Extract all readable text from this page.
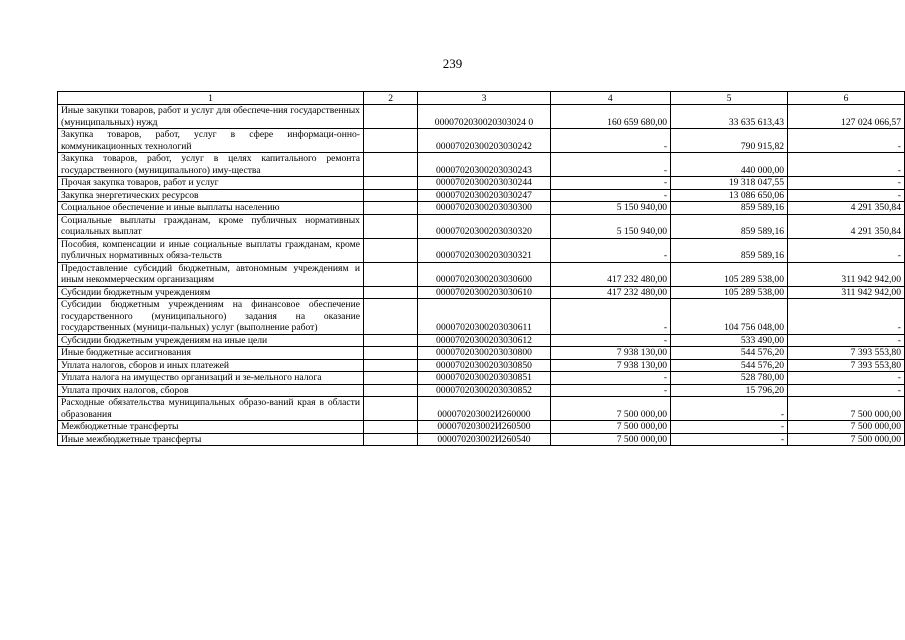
239
1	2	3	4	5	6
Иные закупки товаров, работ и услуг для обеспече-ния государственных (муниципальных) нужд		0000702030020303024 0	160 659 680,00	33 635 613,43	127 024 066,57
Закупка товаров, работ, услуг в сфере информаци-онно-коммуникационных технологий		00007020300203030242	-	790 915,82	-
Закупка товаров, работ, услуг в целях капитального ремонта государственного (муниципального) иму-щества		00007020300203030243	-	440 000,00	-
Прочая закупка товаров, работ и услуг		00007020300203030244	-	19 318 047,55	-
Закупка энергетических ресурсов		00007020300203030247	-	13 086 650,06	-
Социальное обеспечение и иные выплаты населению		00007020300203030300	5 150 940,00	859 589,16	4 291 350,84
Социальные выплаты гражданам, кроме публичных нормативных социальных выплат		00007020300203030320	5 150 940,00	859 589,16	4 291 350,84
Пособия, компенсации и иные социальные выплаты гражданам, кроме публичных нормативных обяза-тельств		00007020300203030321	-	859 589,16	-
Предоставление субсидий бюджетным, автономным учреждениям и иным некоммерческим организациям		00007020300203030600	417 232 480,00	105 289 538,00	311 942 942,00
Субсидии бюджетным учреждениям		00007020300203030610	417 232 480,00	105 289 538,00	311 942 942,00
Субсидии бюджетным учреждениям на финансовое обеспечение государственного (муниципального) задания на оказание государственных (муници-пальных) услуг (выполнение работ)		00007020300203030611	-	104 756 048,00	-
Субсидии бюджетным учреждениям на иные цели		00007020300203030612	-	533 490,00	-
Иные бюджетные ассигнования		00007020300203030800	7 938 130,00	544 576,20	7 393 553,80
Уплата налогов, сборов и иных платежей		00007020300203030850	7 938 130,00	544 576,20	7 393 553,80
Уплата налога на имущество организаций и зе-мельного налога		00007020300203030851	-	528 780,00	-
Уплата прочих налогов, сборов		00007020300203030852	-	15 796,20	-
Расходные обязательства муниципальных образо-ваний края в области образования		000070203002И260000	7 500 000,00	-	7 500 000,00
Межбюджетные трансферты		000070203002И260500	7 500 000,00	-	7 500 000,00
Иные межбюджетные трансферты		000070203002И260540	7 500 000,00	-	7 500 000,00
